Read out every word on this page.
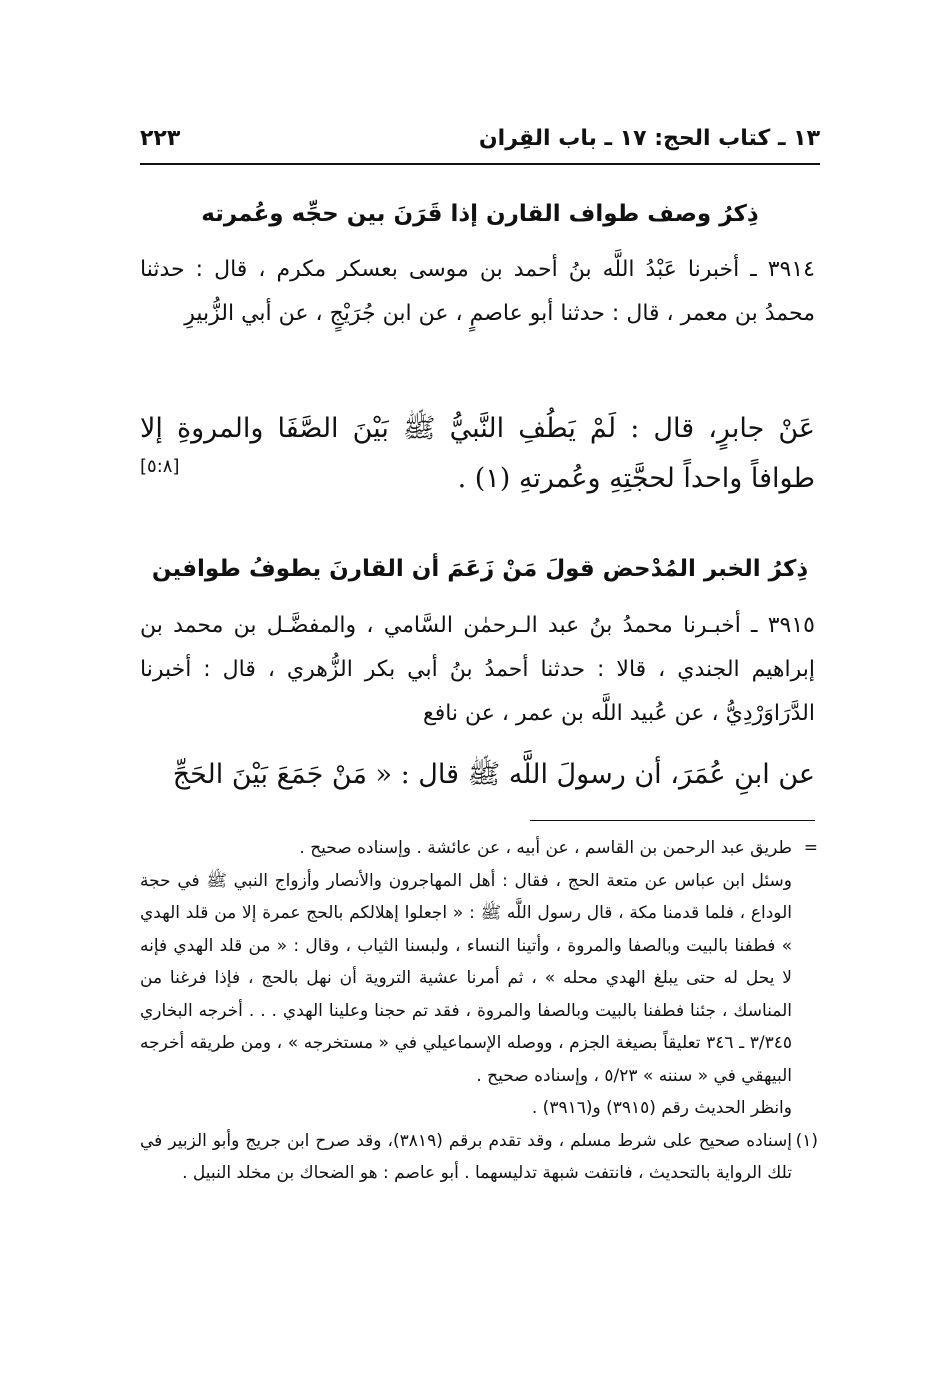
١٣ ـ كتاب الحج: ١٧ ـ باب القِران
٢٢٣
ذِكرُ وصف طواف القارن إذا قَرَنَ بين حجِّه وعُمرته
٣٩١٤ ـ أخبرنا عَبْدُ اللَّه بنُ أحمد بن موسى بعسكر مكرم ، قال : حدثنا محمدُ بن معمر ، قال : حدثنا أبو عاصمٍ ، عن ابن جُرَيْجٍ ، عن أبي الزُّبيرِ
عَنْ جابرٍ، قال : لَمْ يَطُفِ النَّبيُّ ﷺ بَيْنَ الصَّفَا والمروةِ إلا طوافاً واحداً لحجَّتِهِ وعُمرتهِ (١) .
[٥:٨]
ذِكرُ الخبر المُدْحض قولَ مَنْ زَعَمَ أن القارنَ يطوفُ طوافين
٣٩١٥ ـ أخبـرنا محمدُ بنُ عبد الـرحمٰن السَّامي ، والمفضَّـل بن محمد بن إبراهيم الجندي ، قالا : حدثنا أحمدُ بنُ أبي بكر الزُّهري ، قال : أخبرنا الدَّرَاوَرْدِيُّ ، عن عُبيد اللَّه بن عمر ، عن نافع
عن ابنِ عُمَرَ، أن رسولَ اللَّه ﷺ قال : « مَنْ جَمَعَ بَيْنَ الحَجِّ
=

طريق عبد الرحمن بن القاسم ، عن أبيه ، عن عائشة . وإسناده صحيح .

وسئل ابن عباس عن متعة الحج ، فقال : أهل المهاجرون والأنصار وأزواج النبي ﷺ في حجة الوداع ، فلما قدمنا مكة ، قال رسول اللَّه ﷺ : « اجعلوا إهلالكم بالحج عمرة إلا من قلد الهدي » فطفنا بالبيت وبالصفا والمروة ، وأتينا النساء ، ولبسنا الثياب ، وقال : « من قلد الهدي فإنه لا يحل له حتى يبلغ الهدي محله » ، ثم أمرنا عشية التروية أن نهل بالحج ، فإذا فرغنا من المناسك ، جئنا فطفنا بالبيت وبالصفا والمروة ، فقد تم حجنا وعلينا الهدي . . . أخرجه البخاري ٣/٣٤٥ ـ ٣٤٦ تعليقاً بصيغة الجزم ، ووصله الإسماعيلي في « مستخرجه » ، ومن طريقه أخرجه البيهقي في « سننه » ٥/٢٣ ، وإسناده صحيح .

وانظر الحديث رقم (٣٩١٥) و(٣٩١٦) .

(١)

إسناده صحيح على شرط مسلم ، وقد تقدم برقم (٣٨١٩)، وقد صرح ابن جريج وأبو الزبير في تلك الرواية بالتحديث ، فانتفت شبهة تدليسهما . أبو عاصم : هو الضحاك بن مخلد النبيل .
